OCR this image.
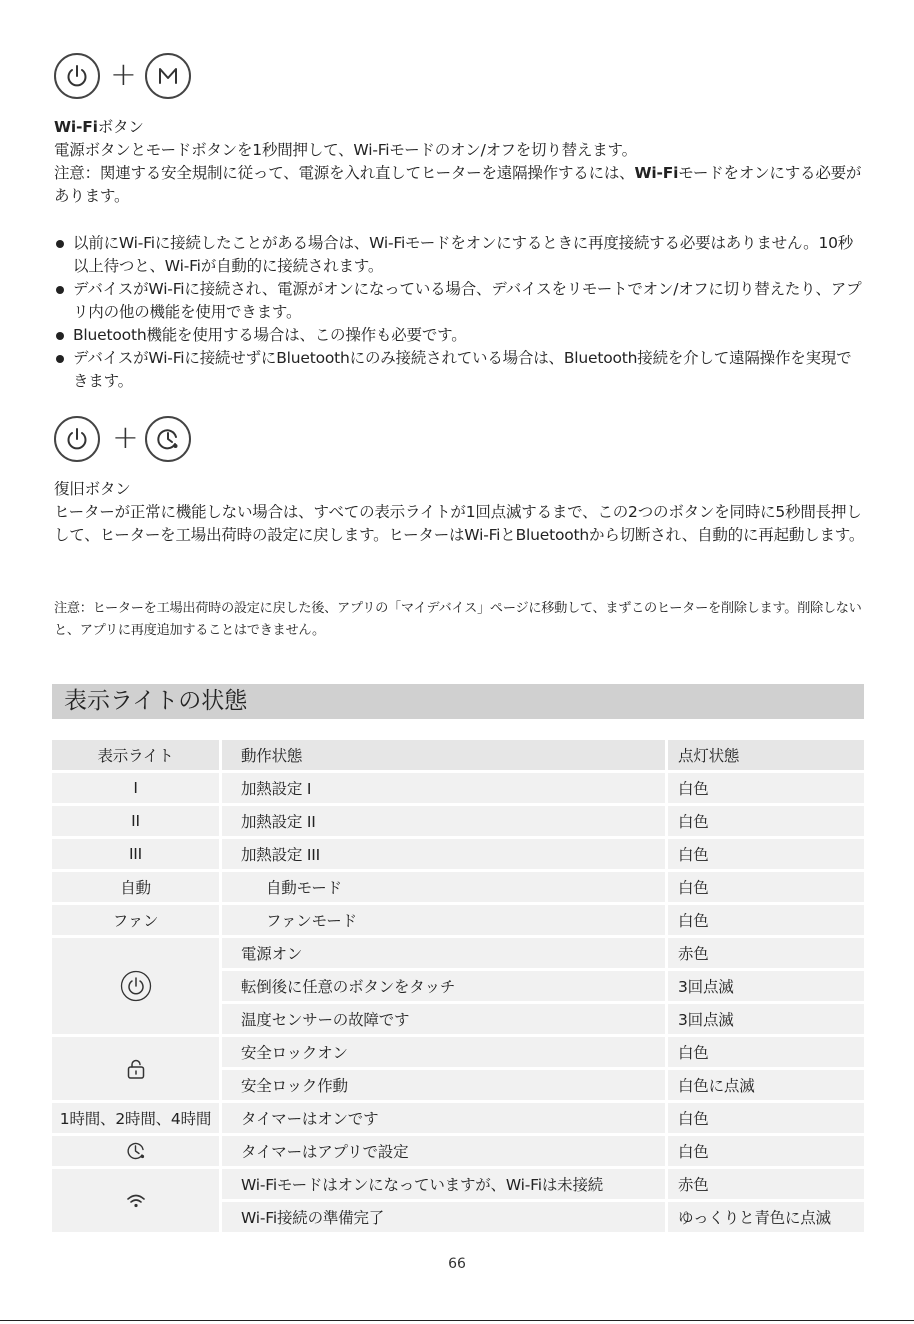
+

Wi-Fiボタン

電源ボタンとモードボタンを1秒間押して、Wi-Fiモードのオン/オフを切り替えます。

注意：関連する安全規制に従って、電源を入れ直してヒーターを遠隔操作するには、Wi-Fiモードをオンにする必要があります。

以前にWi-Fiに接続したことがある場合は、Wi-Fiモードをオンにするときに再度接続する必要はありません。10秒以上待つと、Wi-Fiが自動的に接続されます。
デバイスがWi-Fiに接続され、電源がオンになっている場合、デバイスをリモートでオン/オフに切り替えたり、アプリ内の他の機能を使用できます。
Bluetooth機能を使用する場合は、この操作も必要です。
デバイスがWi-Fiに接続せずにBluetoothにのみ接続されている場合は、Bluetooth接続を介して遠隔操作を実現できます。
+

復旧ボタン

ヒーターが正常に機能しない場合は、すべての表示ライトが1回点滅するまで、この2つのボタンを同時に5秒間長押しして、ヒーターを工場出荷時の設定に戻します。ヒーターはWi-FiとBluetoothから切断され、自動的に再起動します。

注意：ヒーターを工場出荷時の設定に戻した後、アプリの「マイデバイス」ページに移動して、まずこのヒーターを削除します。削除しないと、アプリに再度追加することはできません。
表示ライトの状態
表示ライト	動作状態	点灯状態
I	加熱設定 I	白色
II	加熱設定 II	白色
III	加熱設定 III	白色
自動	自動モード	白色
ファン	ファンモード	白色
	電源オン	赤色
	転倒後に任意のボタンをタッチ	3回点滅
	温度センサーの故障です	3回点滅
	安全ロックオン	白色
	安全ロック作動	白色に点滅
1時間、2時間、4時間	タイマーはオンです	白色
	タイマーはアプリで設定	白色
	Wi-Fiモードはオンになっていますが、Wi-Fiは未接続	赤色
	Wi-Fi接続の準備完了	ゆっくりと青色に点滅
66
